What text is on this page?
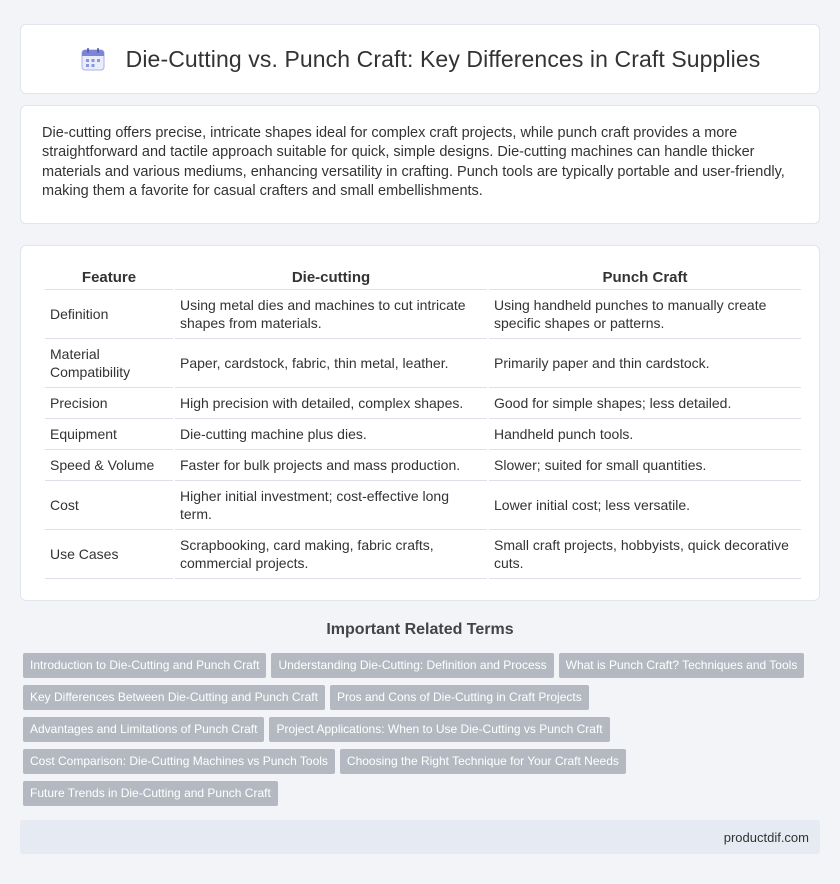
Die-Cutting vs. Punch Craft: Key Differences in Craft Supplies

Die-cutting offers precise, intricate shapes ideal for complex craft projects, while punch craft provides a more straightforward and tactile approach suitable for quick, simple designs. Die-cutting machines can handle thicker materials and various mediums, enhancing versatility in crafting. Punch tools are typically portable and user-friendly, making them a favorite for casual crafters and small embellishments.

Feature	Die-cutting	Punch Craft
Definition	Using metal dies and machines to cut intricate shapes from materials.	Using handheld punches to manually create specific shapes or patterns.
Material Compatibility	Paper, cardstock, fabric, thin metal, leather.	Primarily paper and thin cardstock.
Precision	High precision with detailed, complex shapes.	Good for simple shapes; less detailed.
Equipment	Die-cutting machine plus dies.	Handheld punch tools.
Speed & Volume	Faster for bulk projects and mass production.	Slower; suited for small quantities.
Cost	Higher initial investment; cost-effective long term.	Lower initial cost; less versatile.
Use Cases	Scrapbooking, card making, fabric crafts, commercial projects.	Small craft projects, hobbyists, quick decorative cuts.
Important Related Terms
Introduction to Die-Cutting and Punch Craft Understanding Die-Cutting: Definition and Process What is Punch Craft? Techniques and Tools
Key Differences Between Die-Cutting and Punch Craft Pros and Cons of Die-Cutting in Craft Projects
Advantages and Limitations of Punch Craft Project Applications: When to Use Die-Cutting vs Punch Craft
Cost Comparison: Die-Cutting Machines vs Punch Tools Choosing the Right Technique for Your Craft Needs
Future Trends in Die-Cutting and Punch Craft
productdif.com
